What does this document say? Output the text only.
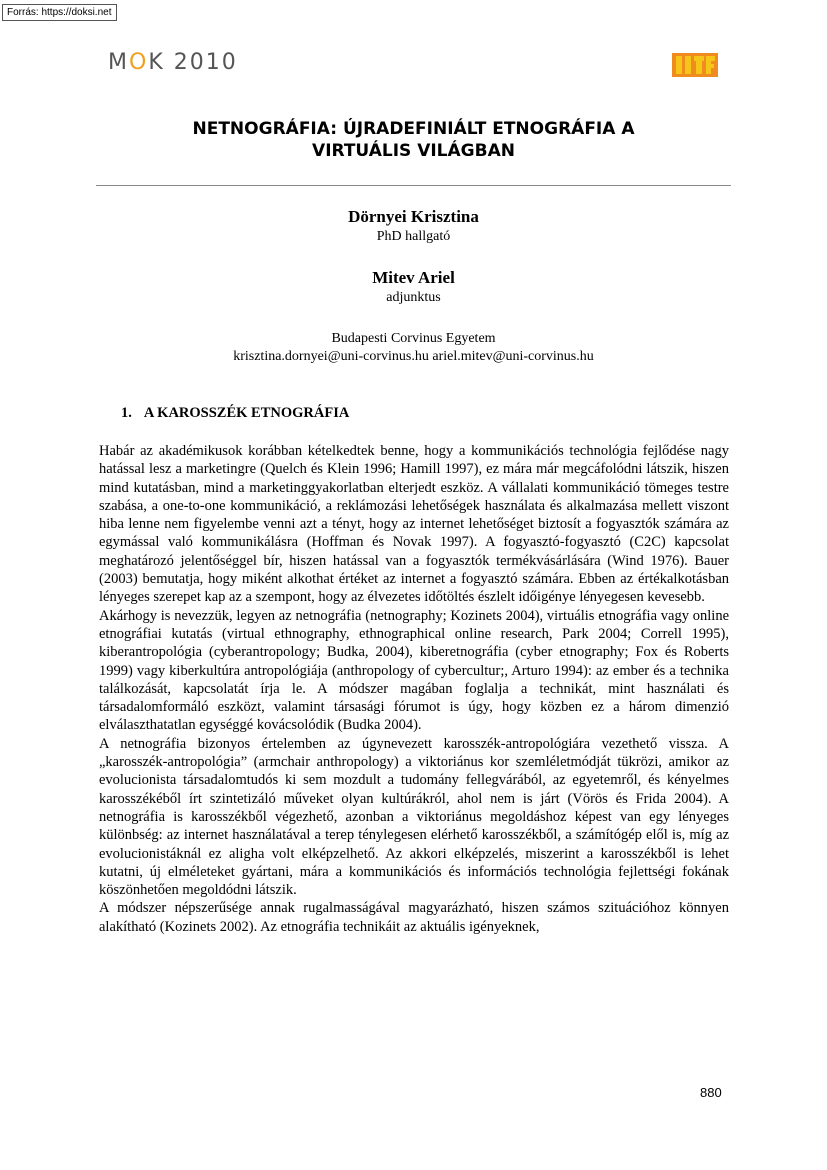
Forrás: https://doksi.net
MOK 2010
NETNOGRÁFIA: ÚJRADEFINIÁLT ETNOGRÁFIA A
VIRTUÁLIS VILÁGBAN
Dörnyei Krisztina
PhD hallgató
Mitev Ariel
adjunktus
Budapesti Corvinus Egyetem
krisztina.dornyei@uni-corvinus.hu ariel.mitev@uni-corvinus.hu
1. A KAROSSZÉK ETNOGRÁFIA

Habár az akadémikusok korábban kételkedtek benne, hogy a kommunikációs technológia fejlődése nagy hatással lesz a marketingre (Quelch és Klein 1996; Hamill 1997), ez mára már megcáfolódni látszik, hiszen mind kutatásban, mind a marketinggyakorlatban elterjedt eszköz. A vállalati kommunikáció tömeges testre szabása, a one-to-one kommunikáció, a reklámozási lehetőségek használata és alkalmazása mellett viszont hiba lenne nem figyelembe venni azt a tényt, hogy az internet lehetőséget biztosít a fogyasztók számára az egymással való kommunikálásra (Hoffman és Novak 1997). A fogyasztó-fogyasztó (C2C) kapcsolat meghatározó jelentőséggel bír, hiszen hatással van a fogyasztók termékvásárlására (Wind 1976). Bauer (2003) bemutatja, hogy miként alkothat értéket az internet a fogyasztó számára. Ebben az értékalkotásban lényeges szerepet kap az a szempont, hogy az élvezetes időtöltés észlelt időigénye lényegesen kevesebb.

Akárhogy is nevezzük, legyen az netnográfia (netnography; Kozinets 2004), virtuális etnográfia vagy online etnográfiai kutatás (virtual ethnography, ethnographical online research, Park 2004; Correll 1995), kiberantropológia (cyberantropology; Budka, 2004), kiberetnográfia (cyber etnography; Fox és Roberts 1999) vagy kiberkultúra antropológiája (anthropology of cybercultur;, Arturo 1994): az ember és a technika találkozását, kapcsolatát írja le. A módszer magában foglalja a technikát, mint használati és társadalomformáló eszközt, valamint társasági fórumot is úgy, hogy közben ez a három dimenzió elválaszthatatlan egységgé kovácsolódik (Budka 2004).

A netnográfia bizonyos értelemben az úgynevezett karosszék-antropológiára vezethető vissza. A „karosszék-antropológia” (armchair anthropology) a viktoriánus kor szemléletmódját tükrözi, amikor az evolucionista társadalomtudós ki sem mozdult a tudomány fellegvárából, az egyetemről, és kényelmes karosszékéből írt szintetizáló műveket olyan kultúrákról, ahol nem is járt (Vörös és Frida 2004). A netnográfia is karosszékből végezhető, azonban a viktoriánus megoldáshoz képest van egy lényeges különbség: az internet használatával a terep ténylegesen elérhető karosszékből, a számítógép elől is, míg az evolucionistáknál ez aligha volt elképzelhető. Az akkori elképzelés, miszerint a karosszékből is lehet kutatni, új elméleteket gyártani, mára a kommunikációs és információs technológia fejlettségi fokának köszönhetően megoldódni látszik.

A módszer népszerűsége annak rugalmasságával magyarázható, hiszen számos szituációhoz könnyen alakítható (Kozinets 2002). Az etnográfia technikáit az aktuális igényeknek,

880
